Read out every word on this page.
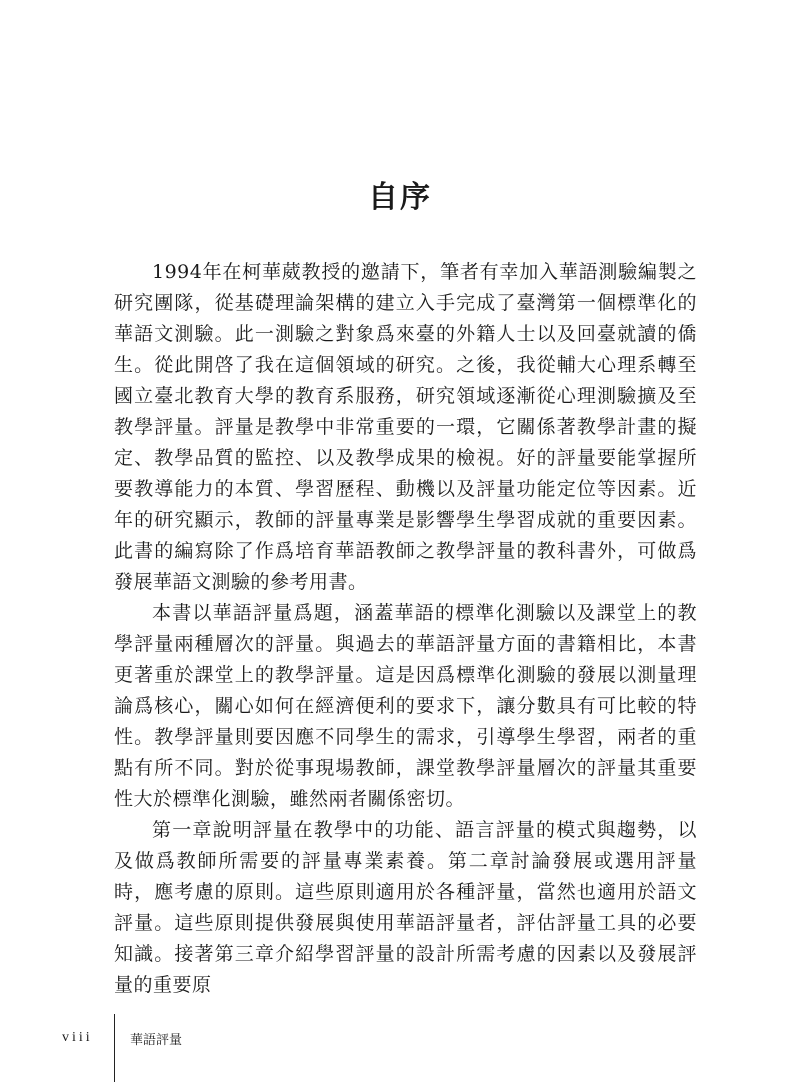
自序

1994年在柯華葳教授的邀請下，筆者有幸加入華語測驗編製之研究團隊，從基礎理論架構的建立入手完成了臺灣第一個標準化的華語文測驗。此一測驗之對象爲來臺的外籍人士以及回臺就讀的僑生。從此開啓了我在這個領域的研究。之後，我從輔大心理系轉至國立臺北教育大學的教育系服務，研究領域逐漸從心理測驗擴及至教學評量。評量是教學中非常重要的一環，它關係著教學計畫的擬定、教學品質的監控、以及教學成果的檢視。好的評量要能掌握所要教導能力的本質、學習歷程、動機以及評量功能定位等因素。近年的研究顯示，教師的評量專業是影響學生學習成就的重要因素。此書的編寫除了作爲培育華語教師之教學評量的教科書外，可做爲發展華語文測驗的參考用書。

本書以華語評量爲題，涵蓋華語的標準化測驗以及課堂上的教學評量兩種層次的評量。與過去的華語評量方面的書籍相比，本書更著重於課堂上的教學評量。這是因爲標準化測驗的發展以測量理論爲核心，關心如何在經濟便利的要求下，讓分數具有可比較的特性。教學評量則要因應不同學生的需求，引導學生學習，兩者的重點有所不同。對於從事現場教師，課堂教學評量層次的評量其重要性大於標準化測驗，雖然兩者關係密切。

第一章說明評量在教學中的功能、語言評量的模式與趨勢，以及做爲教師所需要的評量專業素養。第二章討論發展或選用評量時，應考慮的原則。這些原則適用於各種評量，當然也適用於語文評量。這些原則提供發展與使用華語評量者，評估評量工具的必要知識。接著第三章介紹學習評量的設計所需考慮的因素以及發展評量的重要原

viii	華語評量
